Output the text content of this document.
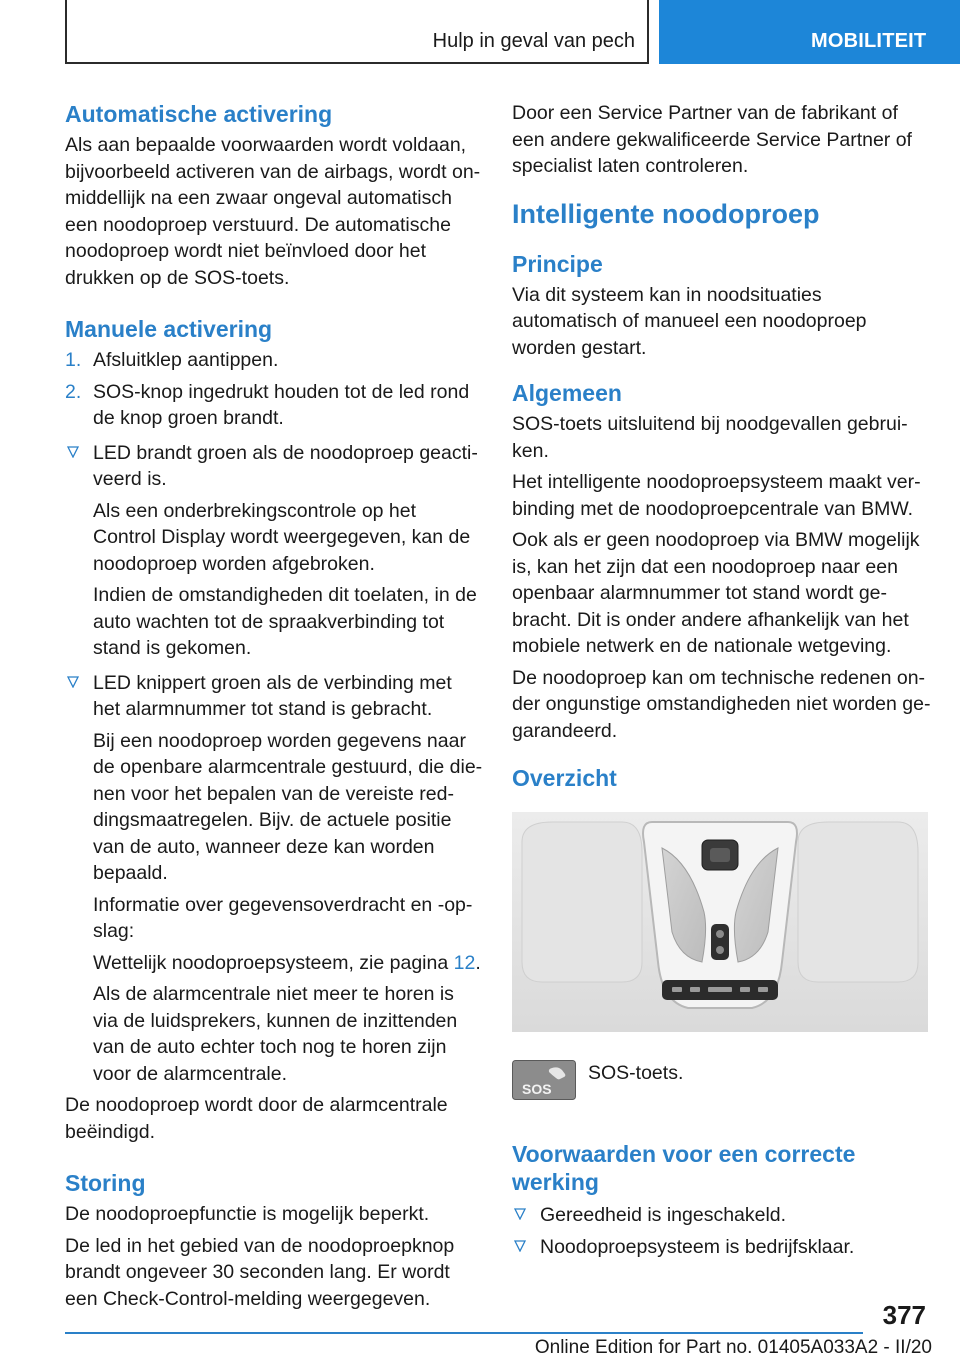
Hulp in geval van pech	MOBILITEIT
Automatische activering

Als aan bepaalde voorwaarden wordt voldaan, bijvoorbeeld activeren van de airbags, wordt onmiddellijk na een zwaar ongeval automatisch een noodoproep verstuurd. De automatische noodoproep wordt niet beïnvloed door het drukken op de SOS-toets.

Manuele activering
1. Afsluitklep aantippen.
2. SOS-knop ingedrukt houden tot de led rond de knop groen brandt.
LED brandt groen als de noodoproep geactiveerd is.

Als een onderbrekingscontrole op het Control Display wordt weergegeven, kan de noodoproep worden afgebroken.

Indien de omstandigheden dit toelaten, in de auto wachten tot de spraakverbinding tot stand is gekomen.

LED knippert groen als de verbinding met het alarmnummer tot stand is gebracht.

Bij een noodoproep worden gegevens naar de openbare alarmcentrale gestuurd, die dienen voor het bepalen van de vereiste reddingsmaatregelen. Bijv. de actuele positie van de auto, wanneer deze kan worden bepaald.

Informatie over gegevensoverdracht en -opslag:

Wettelijk noodoproepsysteem, zie pagina 12.

Als de alarmcentrale niet meer te horen is via de luidsprekers, kunnen de inzittenden van de auto echter toch nog te horen zijn voor de alarmcentrale.

De noodoproep wordt door de alarmcentrale beëindigd.

Storing

De noodoproepfunctie is mogelijk beperkt.

De led in het gebied van de noodoproepknop brandt ongeveer 30 seconden lang. Er wordt een Check-Control-melding weergegeven.

Door een Service Partner van de fabrikant of een andere gekwalificeerde Service Partner of specialist laten controleren.

Intelligente noodoproep
Principe

Via dit systeem kan in noodsituaties automatisch of manueel een noodoproep worden gestart.

Algemeen

SOS-toets uitsluitend bij noodgevallen gebruiken.

Het intelligente noodoproepsysteem maakt verbinding met de noodoproepcentrale van BMW.

Ook als er geen noodoproep via BMW mogelijk is, kan het zijn dat een noodoproep naar een openbaar alarmnummer tot stand wordt gebracht. Dit is onder andere afhankelijk van het mobiele netwerk en de nationale wetgeving.

De noodoproep kan om technische redenen onder ongunstige omstandigheden niet worden gegarandeerd.

Overzicht
SOS
SOS-toets.
Voorwaarden voor een correcte werking
Gereedheid is ingeschakeld.
Noodoproepsysteem is bedrijfsklaar.
377
Online Edition for Part no. 01405A033A2 - II/20
